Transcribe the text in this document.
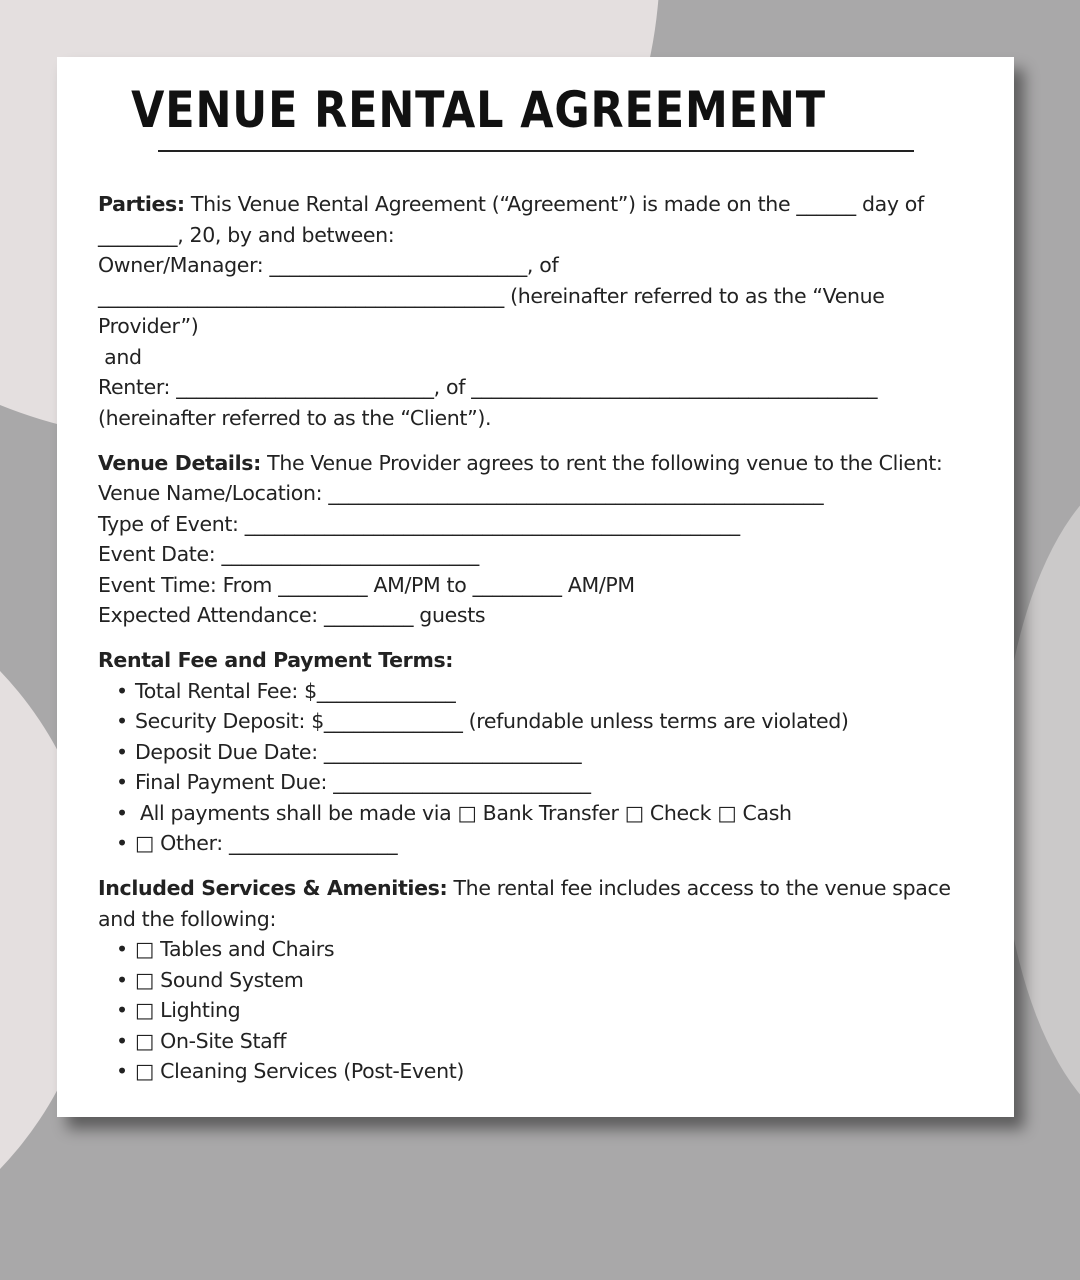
VENUE RENTAL AGREEMENT
Parties: This Venue Rental Agreement (“Agreement”) is made on the ______ day of
________, 20, by and between:
Owner/Manager: __________________________, of
_________________________________________ (hereinafter referred to as the “Venue
Provider”)
and
Renter: __________________________, of _________________________________________
(hereinafter referred to as the “Client”).
Venue Details: The Venue Provider agrees to rent the following venue to the Client:
Venue Name/Location: __________________________________________________
Type of Event: __________________________________________________
Event Date: __________________________
Event Time: From _________ AM/PM to _________ AM/PM
Expected Attendance: _________ guests
Rental Fee and Payment Terms:
• Total Rental Fee: $______________
• Security Deposit: $______________ (refundable unless terms are violated)
• Deposit Due Date: __________________________
• Final Payment Due: __________________________
• All payments shall be made via □ Bank Transfer □ Check □ Cash
• □ Other: _________________
Included Services & Amenities: The rental fee includes access to the venue space
and the following:
• □ Tables and Chairs
• □ Sound System
• □ Lighting
• □ On-Site Staff
• □ Cleaning Services (Post-Event)
